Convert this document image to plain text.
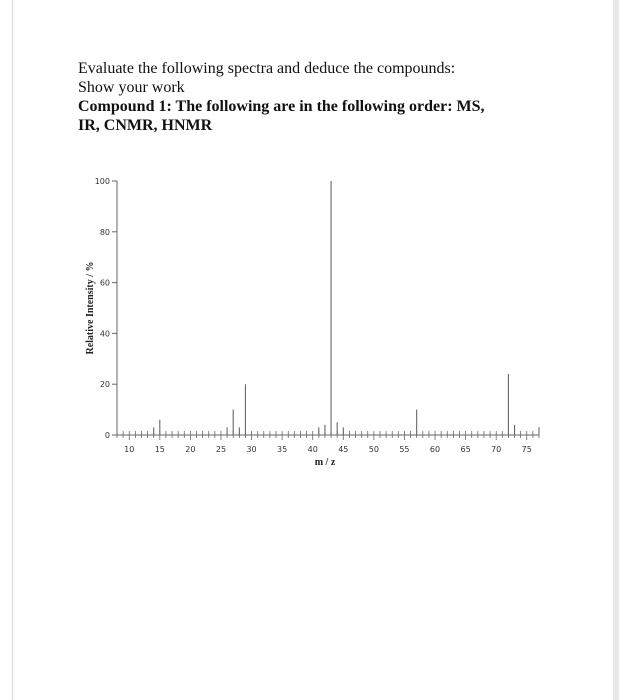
Evaluate the following spectra and deduce the compounds:
Show your work
Compound 1: The following are in the following order: MS,
IR, CNMR, HNMR
0
20
40
60
80
100
10	15	20	25	30	35	40	45	50	55	60	65	70	75
m / z
Relative Intensity / %
